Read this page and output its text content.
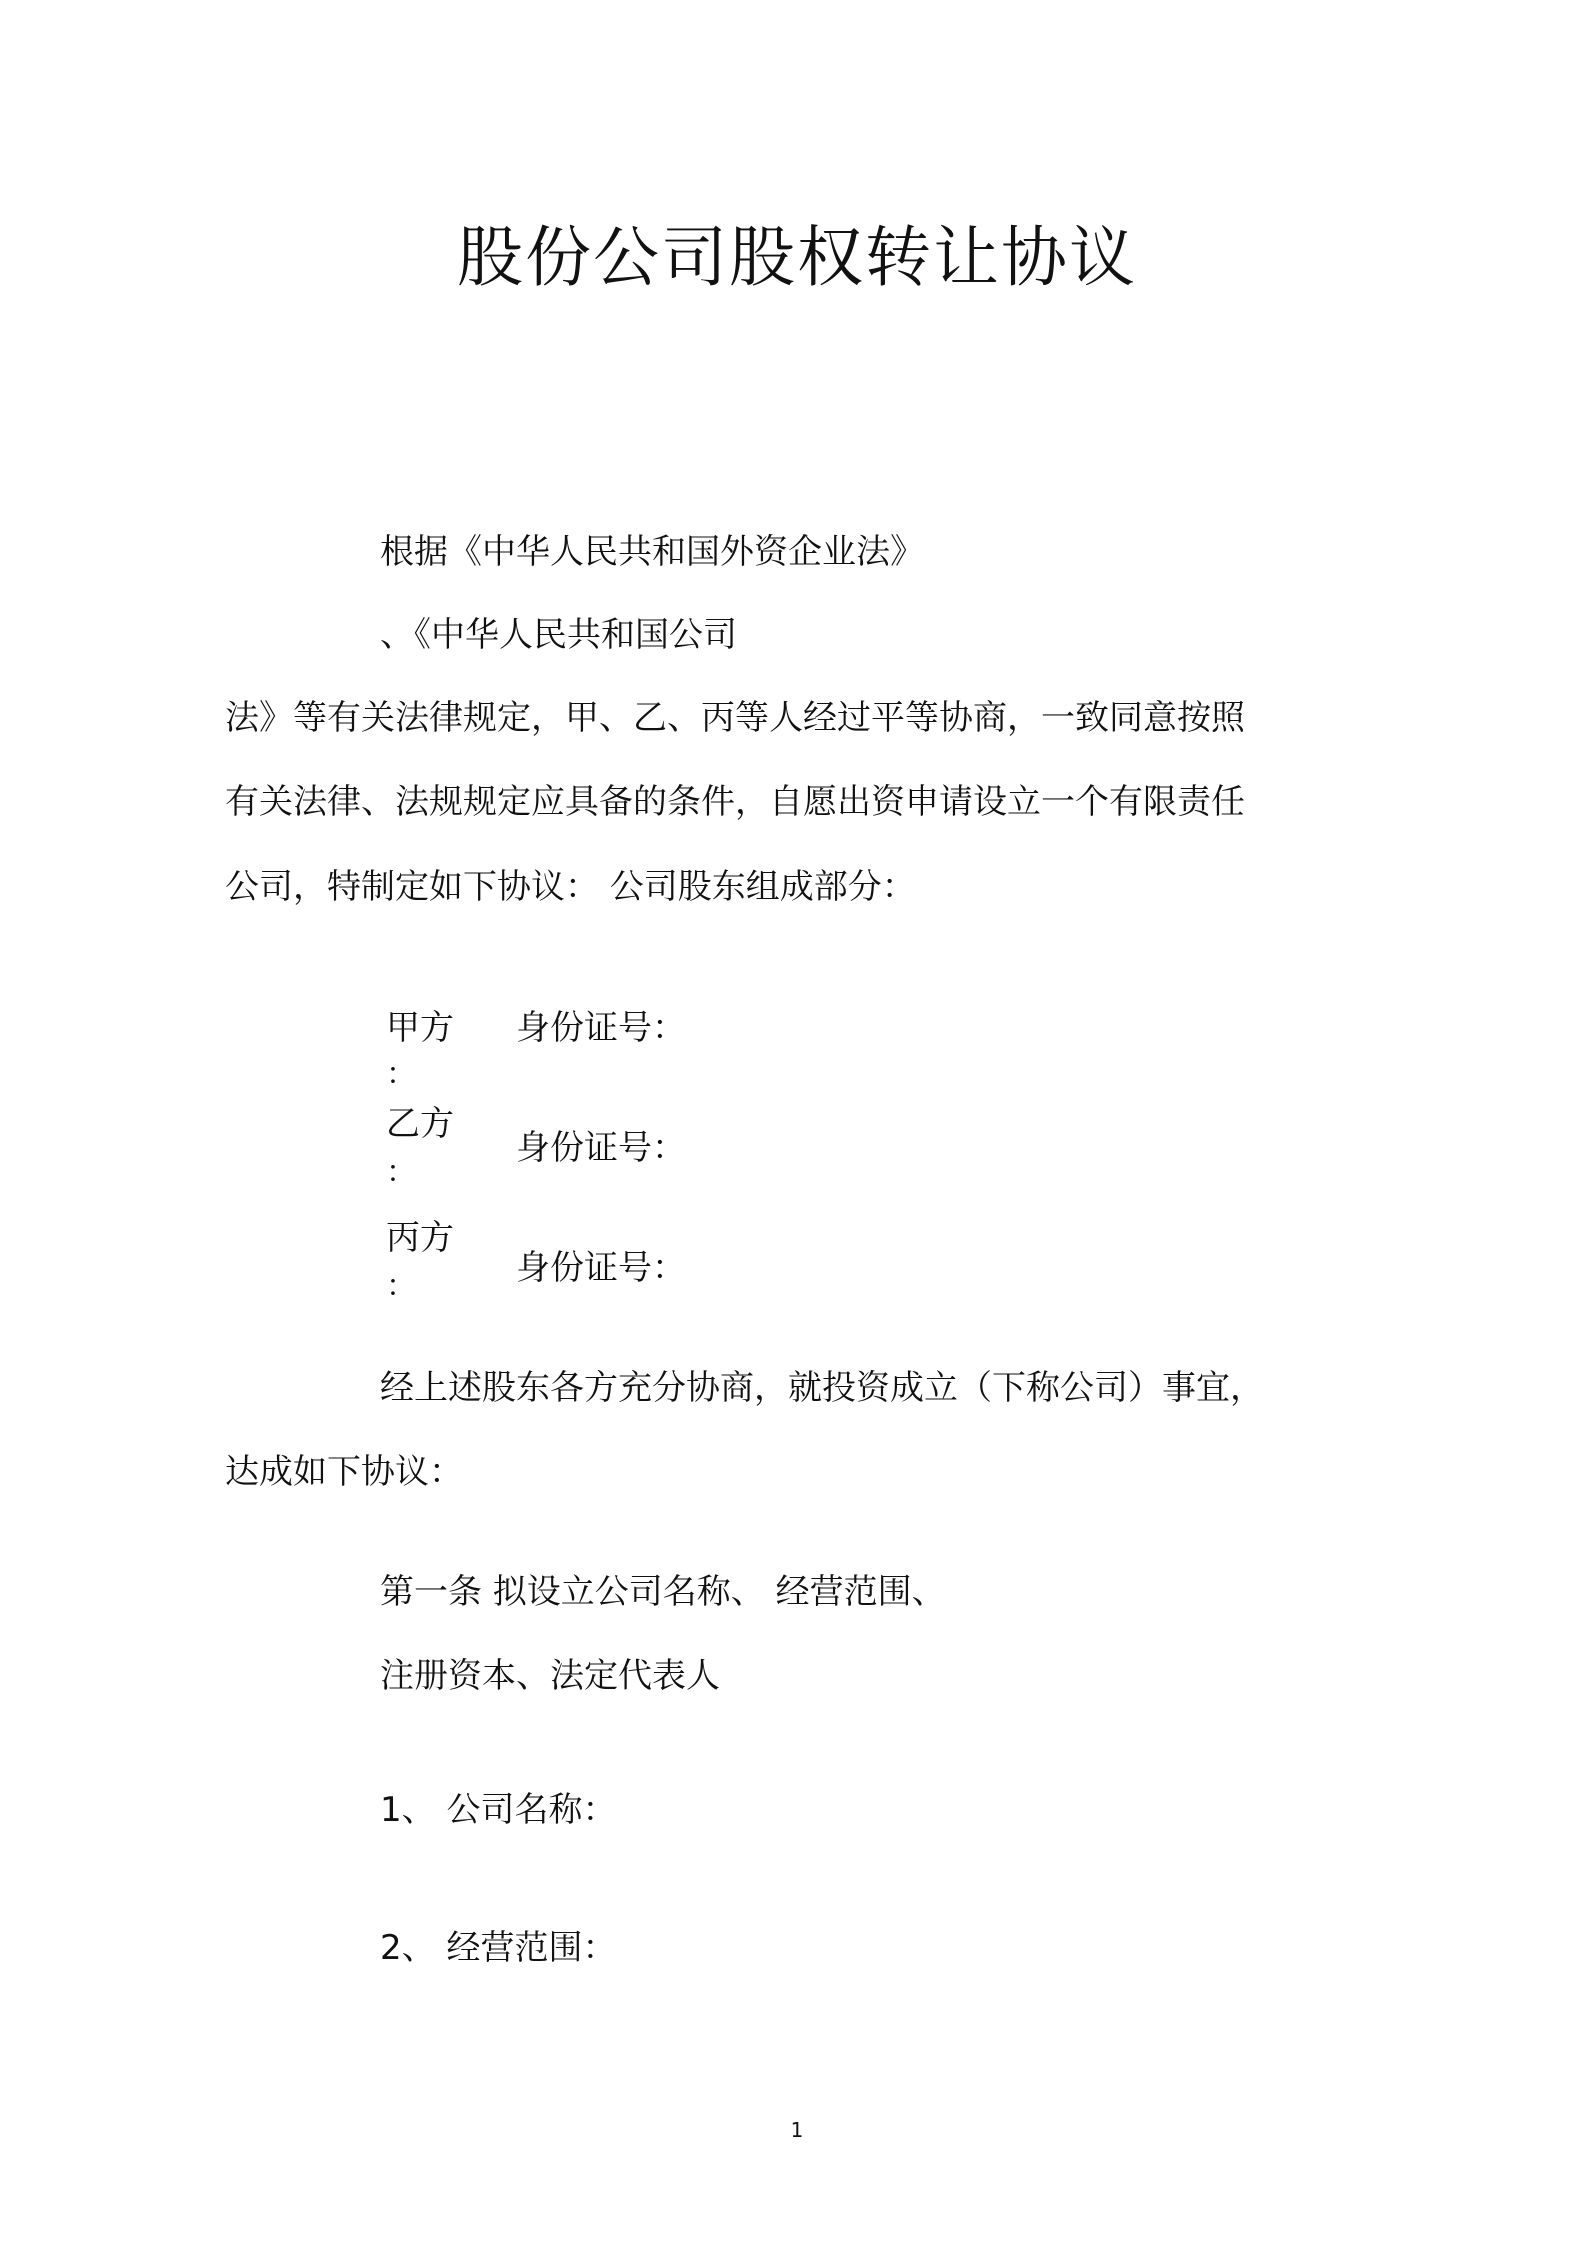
股份公司股权转让协议
根据《中华人民共和国外资企业法》
、《中华人民共和国公司
法》等有关法律规定，甲、乙、丙等人经过平等协商，一致同意按照
有关法律、法规规定应具备的条件，自愿出资申请设立一个有限责任
公司，特制定如下协议： 公司股东组成部分：
甲方
：
身份证号：
乙方
：
身份证号：
丙方
：	身份证号：
经上述股东各方充分协商，就投资成立（下称公司）事宜，
达成如下协议：
第一条 拟设立公司名称、 经营范围、
注册资本、法定代表人
1、 公司名称：
2、 经营范围：
1
